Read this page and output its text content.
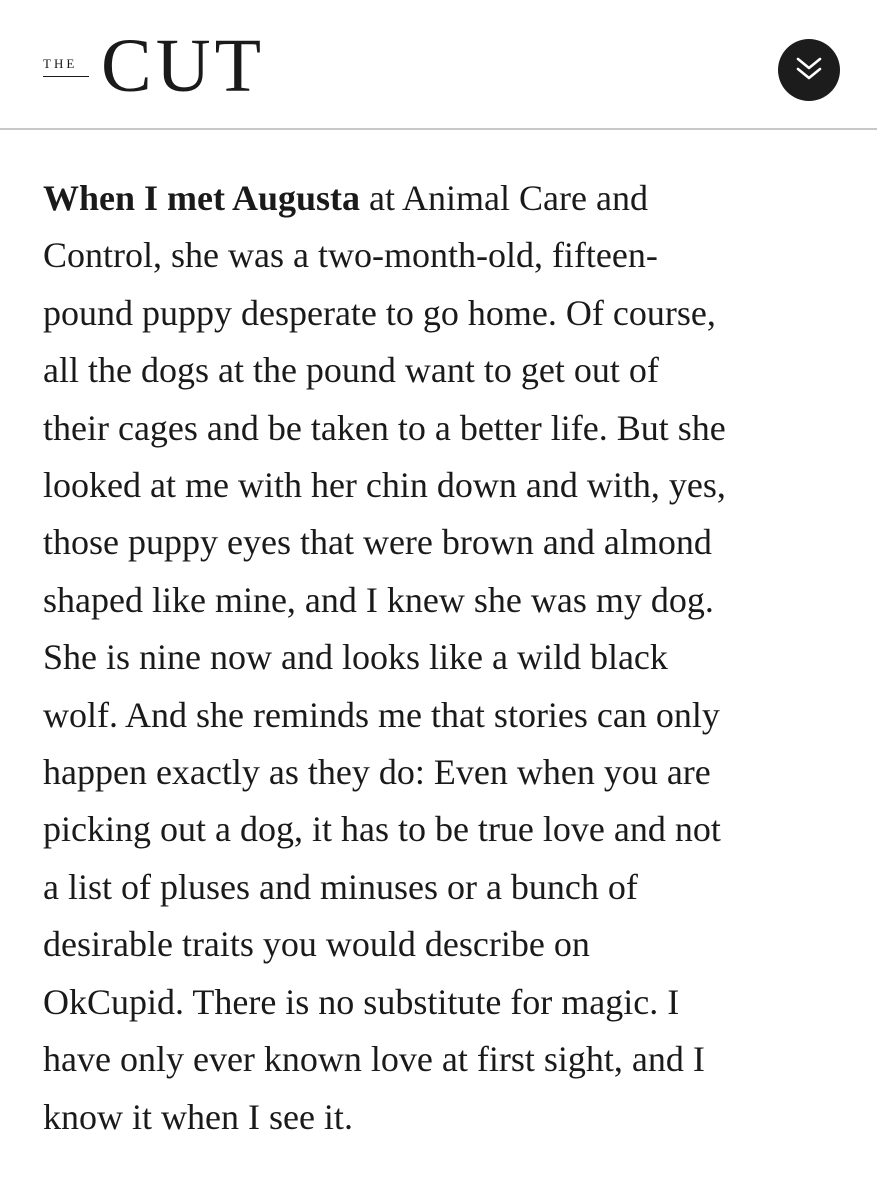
THE CUT

When I met Augusta at Animal Care and
Control, she was a two-month-old, fifteen-
pound puppy desperate to go home. Of course,
all the dogs at the pound want to get out of
their cages and be taken to a better life. But she
looked at me with her chin down and with, yes,
those puppy eyes that were brown and almond
shaped like mine, and I knew she was my dog.
She is nine now and looks like a wild black
wolf. And she reminds me that stories can only
happen exactly as they do: Even when you are
picking out a dog, it has to be true love and not
a list of pluses and minuses or a bunch of
desirable traits you would describe on
OkCupid. There is no substitute for magic. I
have only ever known love at first sight, and I
know it when I see it.
